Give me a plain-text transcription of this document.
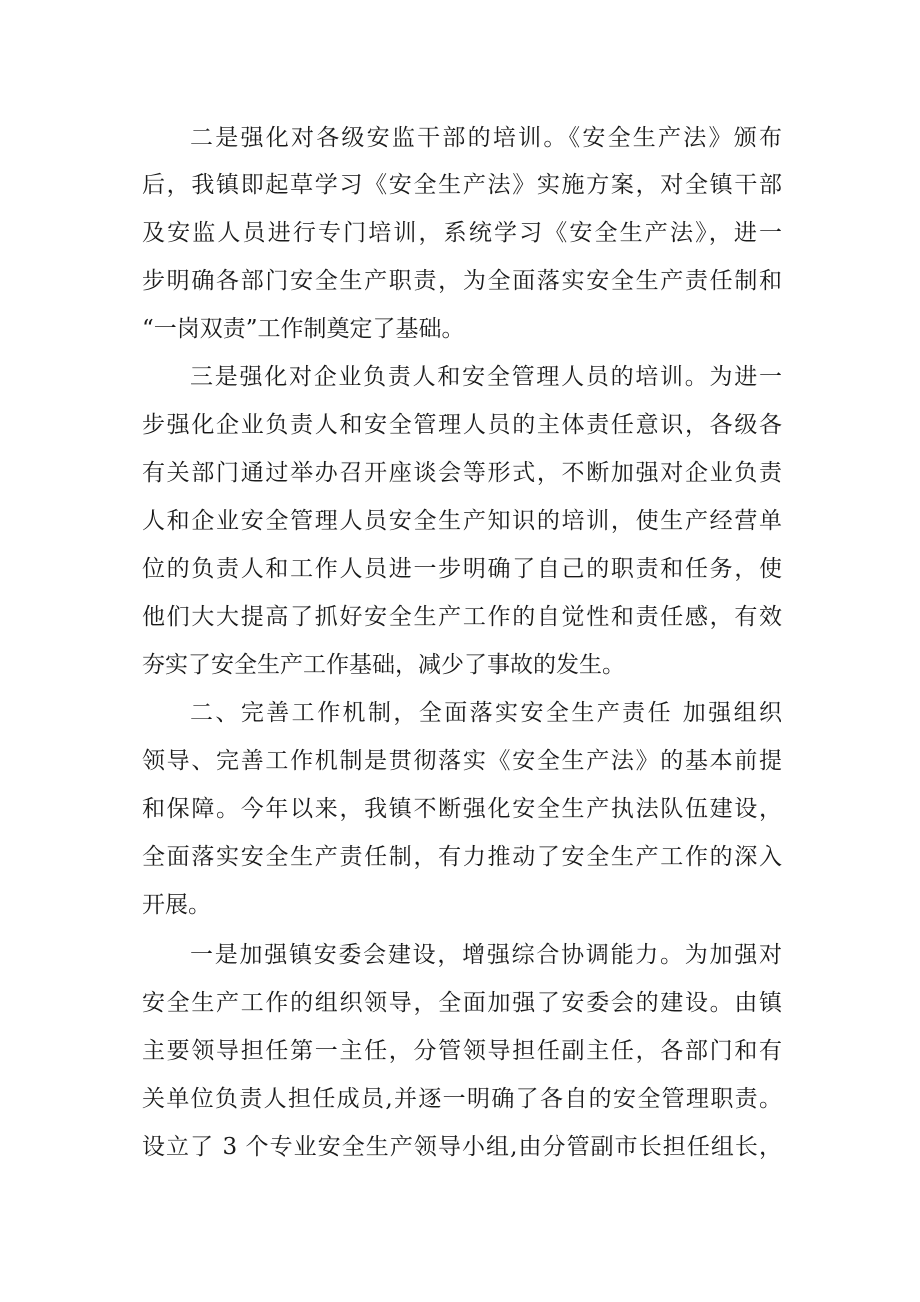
二是强化对各级安监干部的培训。《安全生产法》颁布
后，我镇即起草学习《安全生产法》实施方案，对全镇干部
及安监人员进行专门培训，系统学习《安全生产法》，进一
步明确各部门安全生产职责，为全面落实安全生产责任制和
“一岗双责”工作制奠定了基础。
三是强化对企业负责人和安全管理人员的培训。为进一
步强化企业负责人和安全管理人员的主体责任意识，各级各
有关部门通过举办召开座谈会等形式，不断加强对企业负责
人和企业安全管理人员安全生产知识的培训，使生产经营单
位的负责人和工作人员进一步明确了自己的职责和任务，使
他们大大提高了抓好安全生产工作的自觉性和责任感，有效
夯实了安全生产工作基础，减少了事故的发生。
二、完善工作机制，全面落实安全生产责任 加强组织
领导、完善工作机制是贯彻落实《安全生产法》的基本前提
和保障。今年以来，我镇不断强化安全生产执法队伍建设，
全面落实安全生产责任制，有力推动了安全生产工作的深入
开展。
一是加强镇安委会建设，增强综合协调能力。为加强对
安全生产工作的组织领导，全面加强了安委会的建设。由镇
主要领导担任第一主任，分管领导担任副主任，各部门和有
关单位负责人担任成员,并逐一明确了各自的安全管理职责。
设立了 3 个专业安全生产领导小组,由分管副市长担任组长，
